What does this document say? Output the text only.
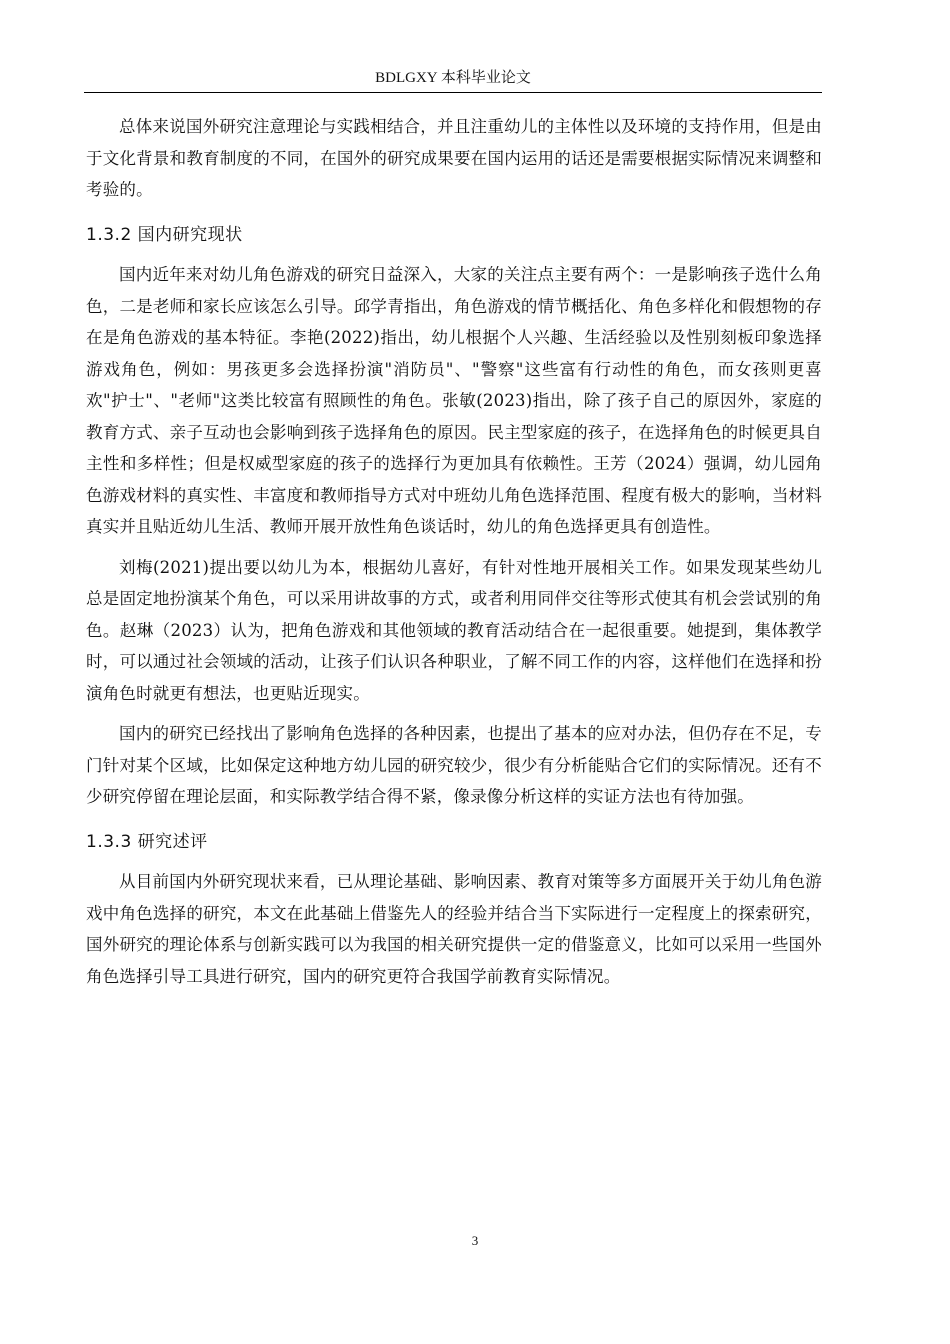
BDLGXY 本科毕业论文

总体来说国外研究注意理论与实践相结合，并且注重幼儿的主体性以及环境的支持作用，但是由于文化背景和教育制度的不同，在国外的研究成果要在国内运用的话还是需要根据实际情况来调整和考验的。

1.3.2 国内研究现状

国内近年来对幼儿角色游戏的研究日益深入，大家的关注点主要有两个：一是影响孩子选什么角色，二是老师和家长应该怎么引导。邱学青指出，角色游戏的情节概括化、角色多样化和假想物的存在是角色游戏的基本特征。李艳(2022)指出，幼儿根据个人兴趣、生活经验以及性别刻板印象选择游戏角色，例如：男孩更多会选择扮演"消防员"、"警察"这些富有行动性的角色，而女孩则更喜欢"护士"、"老师"这类比较富有照顾性的角色。张敏(2023)指出，除了孩子自己的原因外，家庭的教育方式、亲子互动也会影响到孩子选择角色的原因。民主型家庭的孩子，在选择角色的时候更具自主性和多样性；但是权威型家庭的孩子的选择行为更加具有依赖性。王芳（2024）强调，幼儿园角色游戏材料的真实性、丰富度和教师指导方式对中班幼儿角色选择范围、程度有极大的影响，当材料真实并且贴近幼儿生活、教师开展开放性角色谈话时，幼儿的角色选择更具有创造性。

刘梅(2021)提出要以幼儿为本，根据幼儿喜好，有针对性地开展相关工作。如果发现某些幼儿总是固定地扮演某个角色，可以采用讲故事的方式，或者利用同伴交往等形式使其有机会尝试别的角色。赵琳（2023）认为，把角色游戏和其他领域的教育活动结合在一起很重要。她提到，集体教学时，可以通过社会领域的活动，让孩子们认识各种职业，了解不同工作的内容，这样他们在选择和扮演角色时就更有想法，也更贴近现实。

国内的研究已经找出了影响角色选择的各种因素，也提出了基本的应对办法，但仍存在不足，专门针对某个区域，比如保定这种地方幼儿园的研究较少，很少有分析能贴合它们的实际情况。还有不少研究停留在理论层面，和实际教学结合得不紧，像录像分析这样的实证方法也有待加强。

1.3.3 研究述评

从目前国内外研究现状来看，已从理论基础、影响因素、教育对策等多方面展开关于幼儿角色游戏中角色选择的研究，本文在此基础上借鉴先人的经验并结合当下实际进行一定程度上的探索研究，国外研究的理论体系与创新实践可以为我国的相关研究提供一定的借鉴意义，比如可以采用一些国外角色选择引导工具进行研究，国内的研究更符合我国学前教育实际情况。

3
